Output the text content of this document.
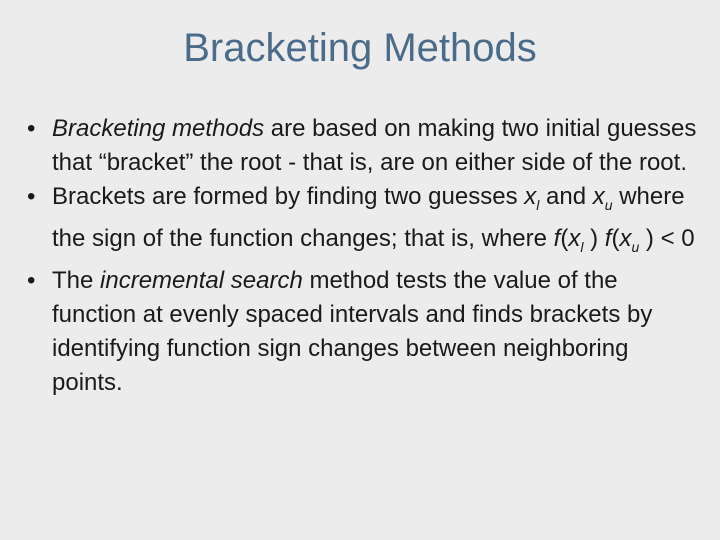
Bracketing Methods
• Bracketing methods are based on making two initial guesses that “bracket” the root - that is, are on either side of the root.
• Brackets are formed by finding two guesses $x_l$ and $x_u$ where the sign of the function changes; that is, where $f(x_l$ ) $f(x_u$ ) < 0
• The incremental search method tests the value of the function at evenly spaced intervals and finds brackets by identifying function sign changes between neighboring points.
